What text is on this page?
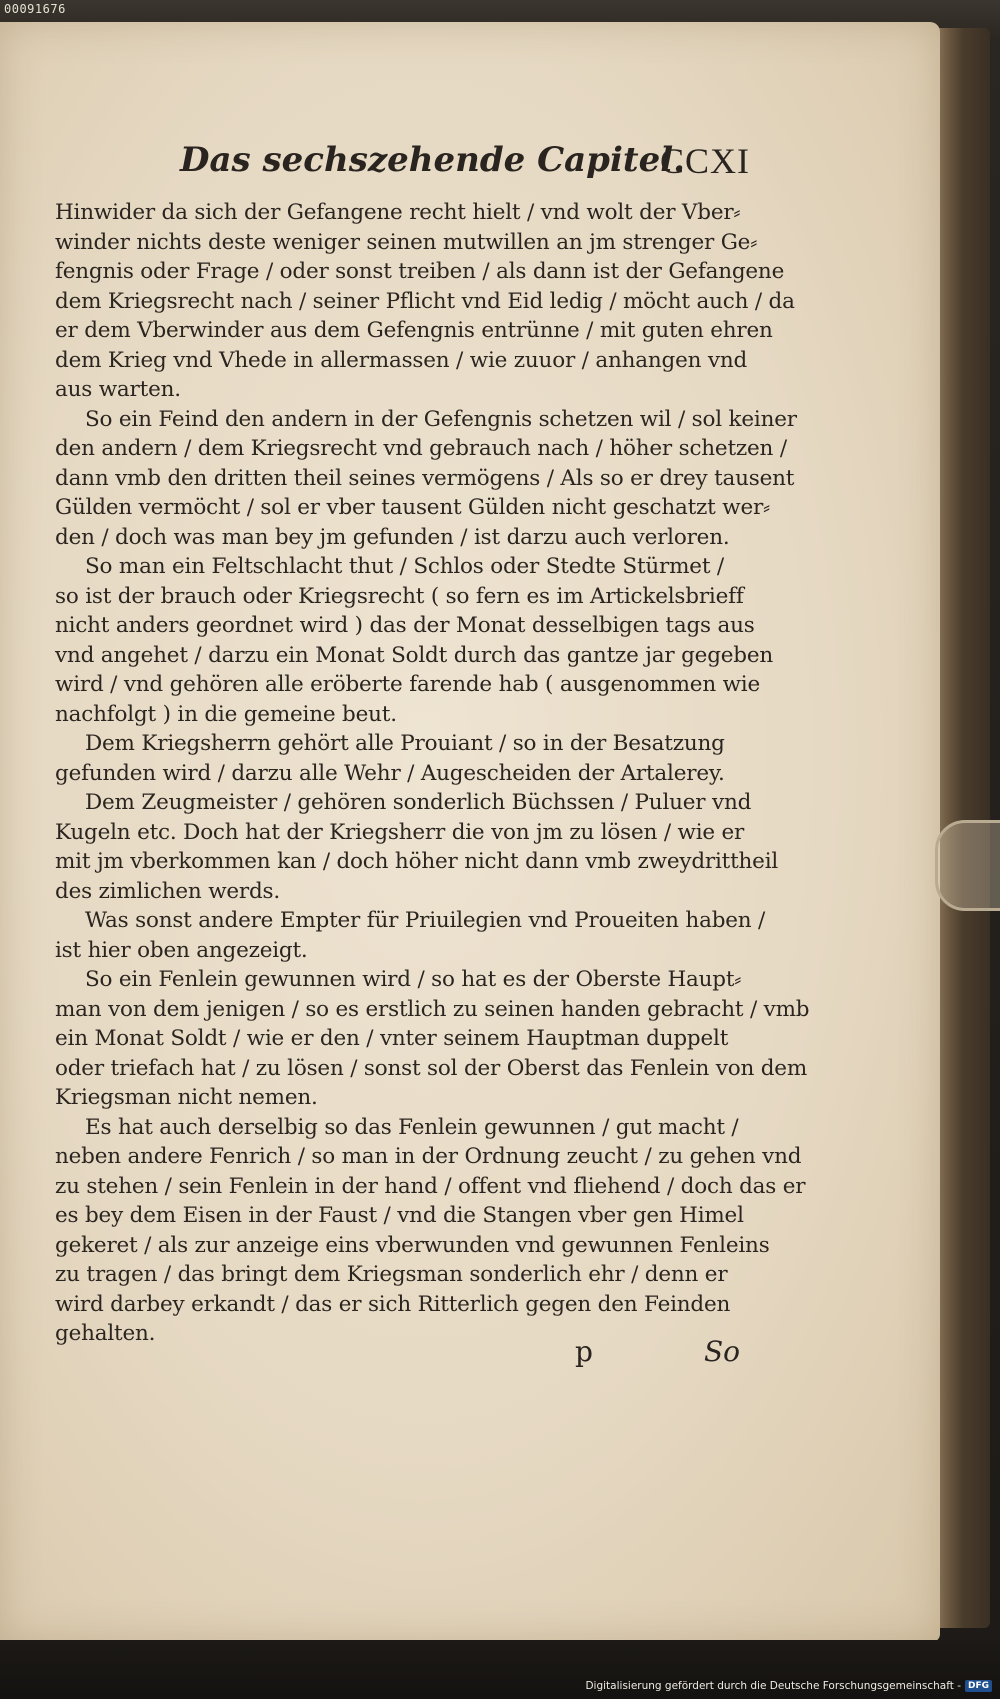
00091676
Das sechszehende Capitel.
CCXI
Hinwider da sich der Gefangene recht hielt / vnd wolt der Vber⸗
winder nichts deste weniger seinen mutwillen an jm strenger Ge⸗
fengnis oder Frage / oder sonst treiben / als dann ist der Gefangene
dem Kriegsrecht nach / seiner Pflicht vnd Eid ledig / möcht auch / da
er dem Vberwinder aus dem Gefengnis entrünne / mit guten ehren
dem Krieg vnd Vhede in allermassen / wie zuuor / anhangen vnd
aus warten.
So ein Feind den andern in der Gefengnis schetzen wil / sol keiner
den andern / dem Kriegsrecht vnd gebrauch nach / höher schetzen /
dann vmb den dritten theil seines vermögens / Als so er drey tausent
Gülden vermöcht / sol er vber tausent Gülden nicht geschatzt wer⸗
den / doch was man bey jm gefunden / ist darzu auch verloren.
So man ein Feltschlacht thut / Schlos oder Stedte Stürmet /
so ist der brauch oder Kriegsrecht ( so fern es im Artickelsbrieff
nicht anders geordnet wird ) das der Monat desselbigen tags aus
vnd angehet / darzu ein Monat Soldt durch das gantze jar gegeben
wird / vnd gehören alle eröberte farende hab ( ausgenommen wie
nachfolgt ) in die gemeine beut.
Dem Kriegsherrn gehört alle Prouiant / so in der Besatzung
gefunden wird / darzu alle Wehr / Augescheiden der Artalerey.
Dem Zeugmeister / gehören sonderlich Büchssen / Puluer vnd
Kugeln etc. Doch hat der Kriegsherr die von jm zu lösen / wie er
mit jm vberkommen kan / doch höher nicht dann vmb zweydrittheil
des zimlichen werds.
Was sonst andere Empter für Priuilegien vnd Proueiten haben /
ist hier oben angezeigt.
So ein Fenlein gewunnen wird / so hat es der Oberste Haupt⸗
man von dem jenigen / so es erstlich zu seinen handen gebracht / vmb
ein Monat Soldt / wie er den / vnter seinem Hauptman duppelt
oder triefach hat / zu lösen / sonst sol der Oberst das Fenlein von dem
Kriegsman nicht nemen.
Es hat auch derselbig so das Fenlein gewunnen / gut macht /
neben andere Fenrich / so man in der Ordnung zeucht / zu gehen vnd
zu stehen / sein Fenlein in der hand / offent vnd fliehend / doch das er
es bey dem Eisen in der Faust / vnd die Stangen vber gen Himel
gekeret / als zur anzeige eins vberwunden vnd gewunnen Fenleins
zu tragen / das bringt dem Kriegsman sonderlich ehr / denn er
wird darbey erkandt / das er sich Ritterlich gegen den Feinden
gehalten.
p	So
Digitalisierung gefördert durch die Deutsche Forschungsgemeinschaft - DFG
